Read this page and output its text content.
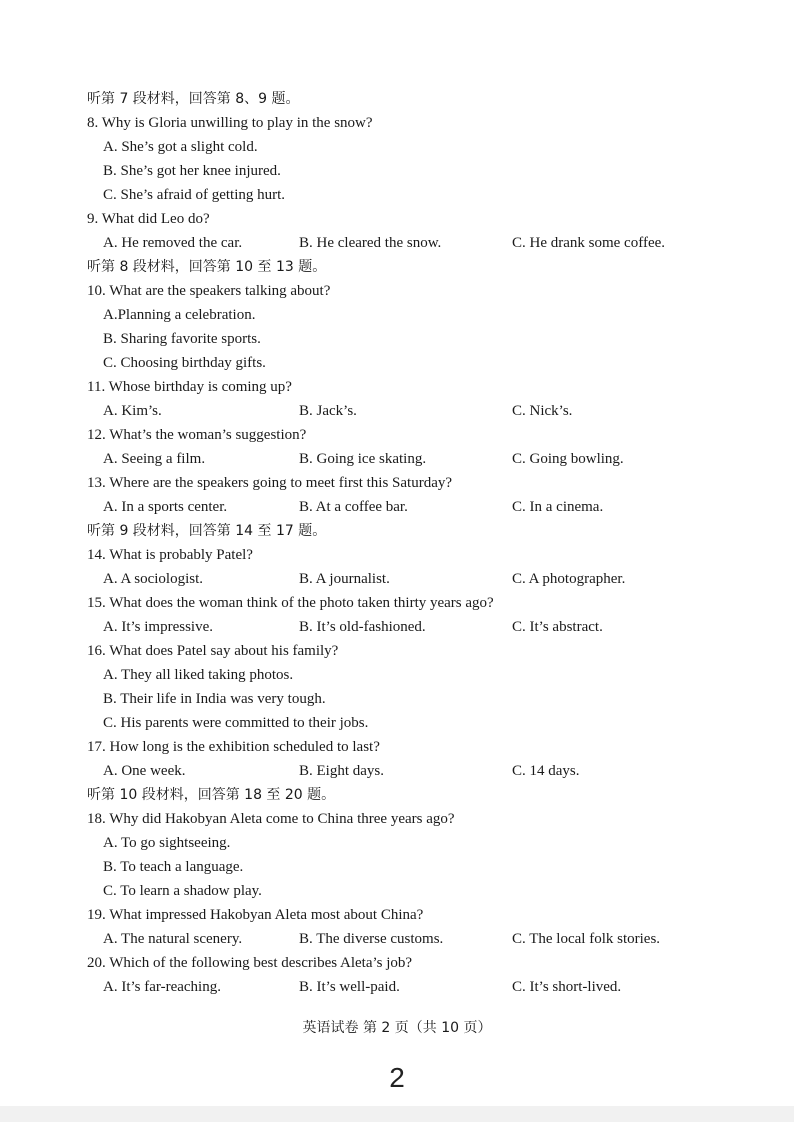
听第 7 段材料，回答第 8、9 题。
8. Why is Gloria unwilling to play in the snow?
A. She’s got a slight cold.
B. She’s got her knee injured.
C. She’s afraid of getting hurt.
9. What did Leo do?
A. He removed the car.	B. He cleared the snow.	C. He drank some coffee.
听第 8 段材料，回答第 10 至 13 题。
10. What are the speakers talking about?
A.Planning a celebration.
B. Sharing favorite sports.
C. Choosing birthday gifts.
11. Whose birthday is coming up?
A. Kim’s.	B. Jack’s.	C. Nick’s.
12. What’s the woman’s suggestion?
A. Seeing a film.	B. Going ice skating.	C. Going bowling.
13. Where are the speakers going to meet first this Saturday?
A. In a sports center.	B. At a coffee bar.	C. In a cinema.
听第 9 段材料，回答第 14 至 17 题。
14. What is probably Patel?
A. A sociologist.	B. A journalist.	C. A photographer.
15. What does the woman think of the photo taken thirty years ago?
A. It’s impressive.	B. It’s old-fashioned.	C. It’s abstract.
16. What does Patel say about his family?
A. They all liked taking photos.
B. Their life in India was very tough.
C. His parents were committed to their jobs.
17. How long is the exhibition scheduled to last?
A. One week.	B. Eight days.	C. 14 days.
听第 10 段材料，回答第 18 至 20 题。
18. Why did Hakobyan Aleta come to China three years ago?
A. To go sightseeing.
B. To teach a language.
C. To learn a shadow play.
19. What impressed Hakobyan Aleta most about China?
A. The natural scenery.	B. The diverse customs.	C. The local folk stories.
20. Which of the following best describes Aleta’s job?
A. It’s far-reaching.	B. It’s well-paid.	C. It’s short-lived.
英语试卷 第 2 页（共 10 页）
2
